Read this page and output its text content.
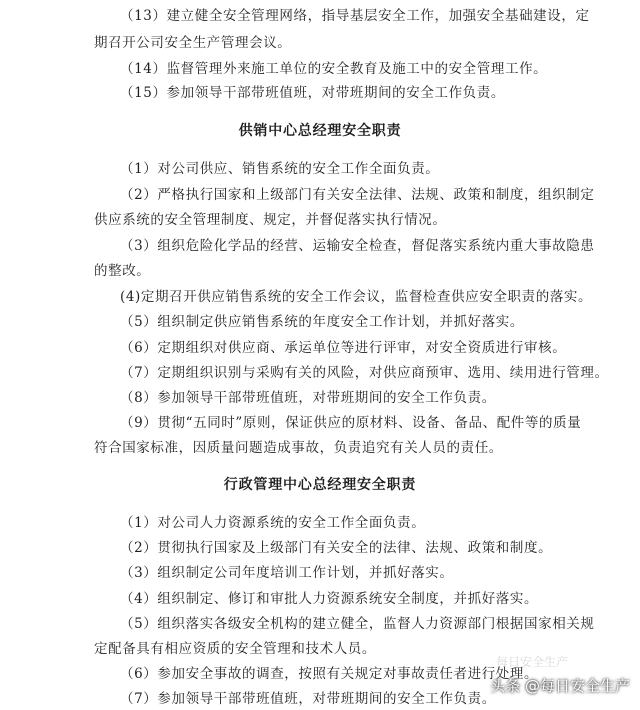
（13）建立健全安全管理网络，指导基层安全工作，加强安全基础建设，定
期召开公司安全生产管理会议。
（14）监督管理外来施工单位的安全教育及施工中的安全管理工作。
（15）参加领导干部带班值班，对带班期间的安全工作负责。
供销中心总经理安全职责
（1）对公司供应、销售系统的安全工作全面负责。
（2）严格执行国家和上级部门有关安全法律、法规、政策和制度，组织制定
供应系统的安全管理制度、规定，并督促落实执行情况。
（3）组织危险化学品的经营、运输安全检查，督促落实系统内重大事故隐患
的整改。
(4)定期召开供应销售系统的安全工作会议，监督检查供应安全职责的落实。
（5）组织制定供应销售系统的年度安全工作计划，并抓好落实。
（6）定期组织对供应商、承运单位等进行评审，对安全资质进行审核。
（7）定期组织识别与采购有关的风险，对供应商预审、选用、续用进行管理。
（8）参加领导干部带班值班，对带班期间的安全工作负责。
（9）贯彻“五同时”原则，保证供应的原材料、设备、备品、配件等的质量
符合国家标准，因质量问题造成事故，负责追究有关人员的责任。
行政管理中心总经理安全职责
（1）对公司人力资源系统的安全工作全面负责。
（2）贯彻执行国家及上级部门有关安全的法律、法规、政策和制度。
（3）组织制定公司年度培训工作计划，并抓好落实。
（4）组织制定、修订和审批人力资源系统安全制度，并抓好落实。
（5）组织落实各级安全机构的建立健全，监督人力资源部门根据国家相关规
定配备具有相应资质的安全管理和技术人员。
（6）参加安全事故的调查，按照有关规定对事故责任者进行处理。
（7）参加领导干部带班值班，对带班期间的安全工作负责。
每日安全生产
头条 @每日安全生产
